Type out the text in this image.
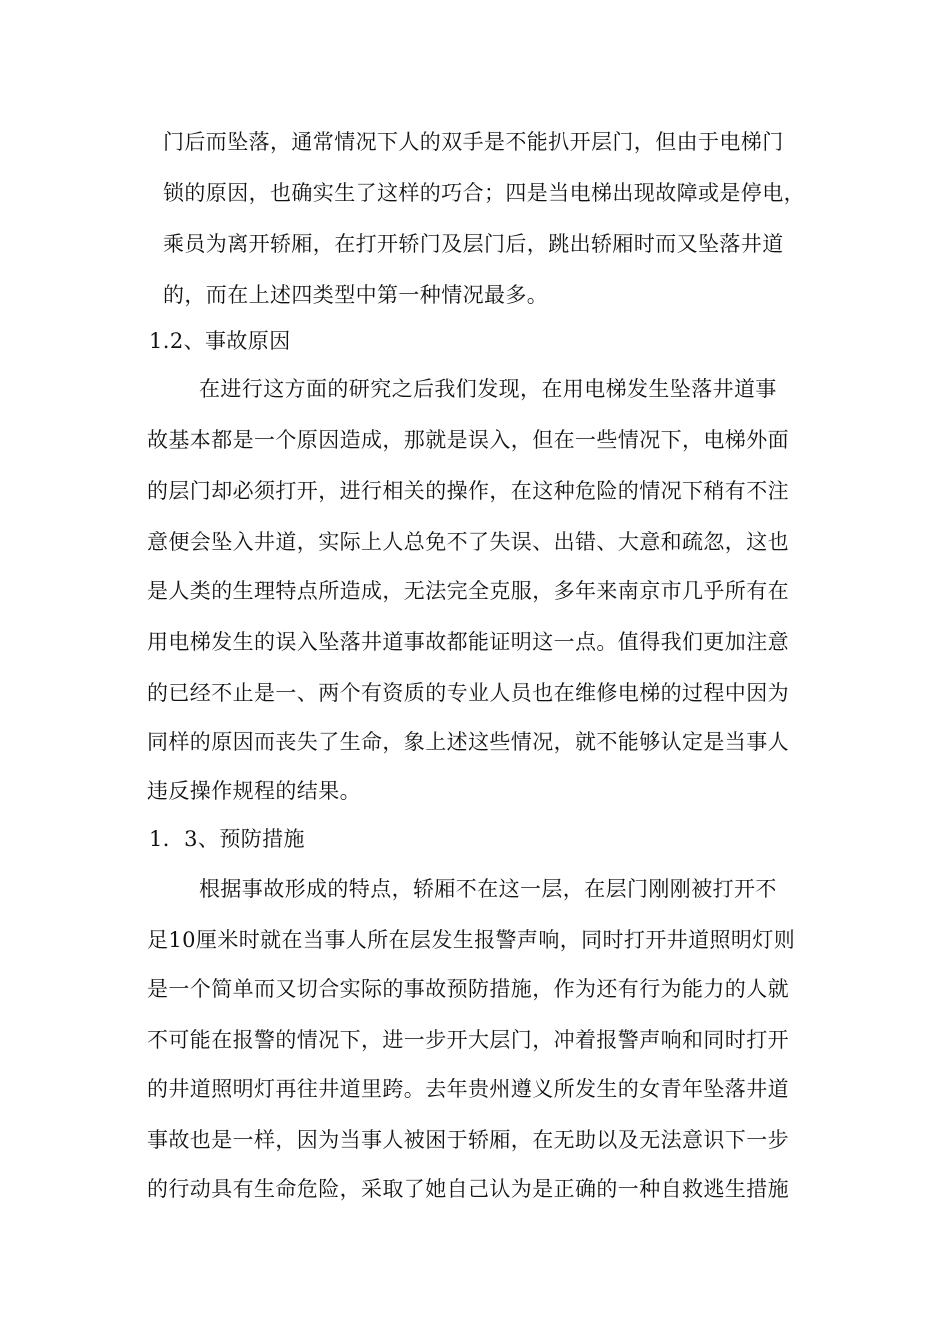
门后而坠落，通常情况下人的双手是不能扒开层门，但由于电梯门
锁的原因，也确实生了这样的巧合；四是当电梯出现故障或是停电，
乘员为离开轿厢，在打开轿门及层门后，跳出轿厢时而又坠落井道
的，而在上述四类型中第一种情况最多。
1.2、事故原因
在进行这方面的研究之后我们发现，在用电梯发生坠落井道事
故基本都是一个原因造成，那就是误入，但在一些情况下，电梯外面
的层门却必须打开，进行相关的操作，在这种危险的情况下稍有不注
意便会坠入井道，实际上人总免不了失误、出错、大意和疏忽，这也
是人类的生理特点所造成，无法完全克服，多年来南京市几乎所有在
用电梯发生的误入坠落井道事故都能证明这一点。值得我们更加注意
的已经不止是一、两个有资质的专业人员也在维修电梯的过程中因为
同样的原因而丧失了生命，象上述这些情况，就不能够认定是当事人
违反操作规程的结果。
1．3、预防措施
根据事故形成的特点，轿厢不在这一层，在层门刚刚被打开不
足10厘米时就在当事人所在层发生报警声响，同时打开井道照明灯则
是一个简单而又切合实际的事故预防措施，作为还有行为能力的人就
不可能在报警的情况下，进一步开大层门，冲着报警声响和同时打开
的井道照明灯再往井道里跨。去年贵州遵义所发生的女青年坠落井道
事故也是一样，因为当事人被困于轿厢，在无助以及无法意识下一步
的行动具有生命危险，采取了她自己认为是正确的一种自救逃生措施
